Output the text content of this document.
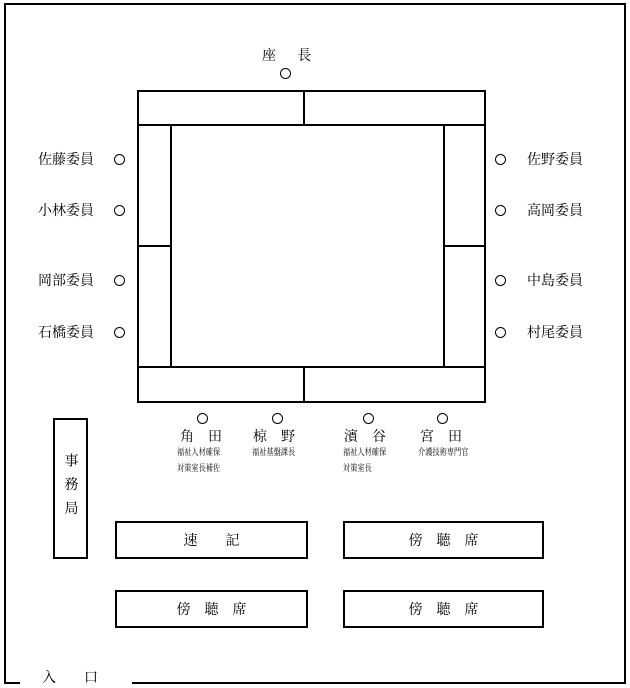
座 長
佐藤委員
小林委員
岡部委員
石橋委員
佐野委員
高岡委員
中島委員
村尾委員
角　田
福祉人材確保
対策室長補佐
椋　野
福祉基盤課長
濱　谷
福祉人材確保
対策室長
宮　田
介護技術専門官
事務局
速　　記	傍　聴　席
傍　聴　席	傍　聴　席
入　　口
